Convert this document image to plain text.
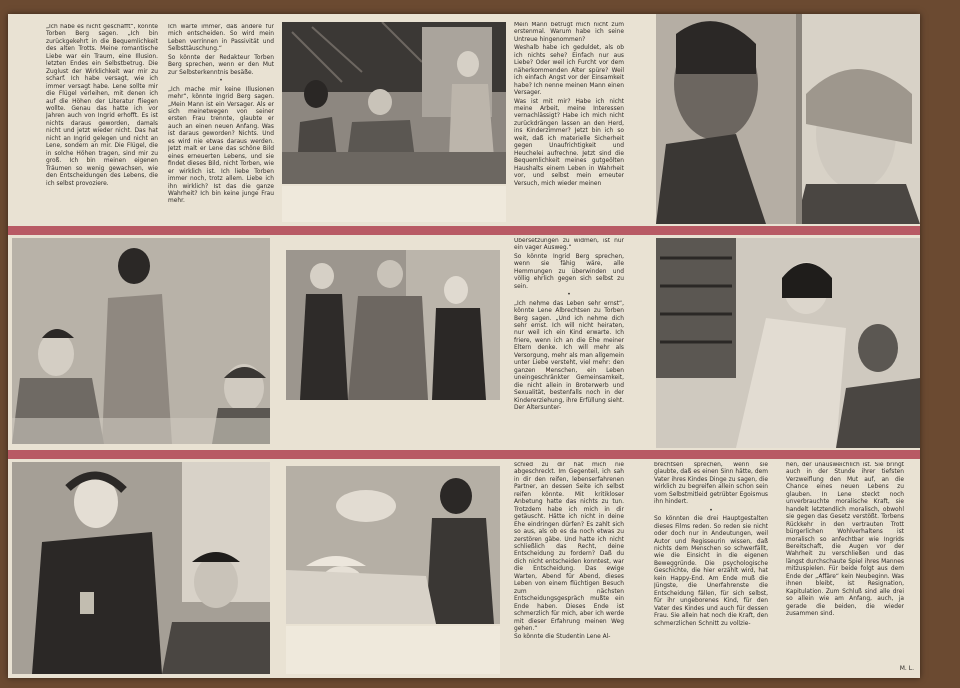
„Ich habe es nicht geschafft“, könnte Torben Berg sagen. „Ich bin zurückgekehrt in die Bequemlichkeit des alten Trotts. Meine romantische Liebe war ein Traum, eine Illusion. letzten Endes ein Selbstbetrug. Die Zuglust der Wirklichkeit war mir zu scharf. Ich habe versagt, wie ich immer versagt habe. Lene sollte mir die Flügel verleihen, mit denen ich auf die Höhen der Literatur fliegen wollte. Genau das hatte ich vor Jahren auch von Ingrid erhofft. Es ist nichts daraus geworden, damals nicht und jetzt wieder nicht. Das hat nicht an Ingrid gelegen und nicht an Lene, sondern an mir. Die Flügel, die in solche Höhen tragen, sind mir zu groß. Ich bin meinen eigenen Träumen so wenig gewachsen, wie den Entscheidungen des Lebens, die ich selbst provoziere.

Ich warte immer, daß andere für mich entscheiden. So wird mein Leben verrinnen in Passivität und Selbsttäuschung.“

So könnte der Redakteur Torben Berg sprechen, wenn er den Mut zur Selbsterkenntnis besäße.

•

„Ich mache mir keine Illusionen mehr“, könnte Ingrid Berg sagen. „Mein Mann ist ein Versager. Als er sich meinetwegen von seiner ersten Frau trennte, glaubte er auch an einen neuen Anfang. Was ist daraus geworden? Nichts. Und es wird nie etwas daraus werden. Jetzt malt er Lene das schöne Bild eines erneuerten Lebens, und sie findet dieses Bild, nicht Torben, wie er wirklich ist. Ich liebe Torben immer noch, trotz allem. Liebe ich ihn wirklich? Ist das die ganze Wahrheit? Ich bin keine junge Frau mehr.

Mein Mann betrügt mich nicht zum erstenmal. Warum habe ich seine Untreue hingenommen?

Weshalb habe ich geduldet, als ob ich nichts sehe? Einfach nur aus Liebe? Oder weil ich Furcht vor dem näherkommenden Alter spüre? Weil ich einfach Angst vor der Einsamkeit habe? Ich nenne meinen Mann einen Versager.

Was ist mit mir? Habe ich nicht meine Arbeit, meine Interessen vernachlässigt? Habe ich mich nicht zurückdrängen lassen an den Herd, ins Kinderzimmer? Jetzt bin ich so weit, daß ich materielle Sicherheit gegen Unaufrichtigkeit und Heuchelei aufrechne. Jetzt sind die Bequemlichkeit meines gutgeölten Haushalts einem Leben in Wahrheit vor, und selbst mein erneuter Versuch, mich wieder meinen

Übersetzungen zu widmen, ist nur ein vager Ausweg.“

So könnte Ingrid Berg sprechen, wenn sie fähig wäre, alle Hemmungen zu überwinden und völlig ehrlich gegen sich selbst zu sein.

•

„Ich nehme das Leben sehr ernst“, könnte Lene Albrechtsen zu Torben Berg sagen. „Und ich nehme dich sehr ernst. Ich will nicht heiraten, nur weil ich ein Kind erwarte. Ich friere, wenn ich an die Ehe meiner Eltern denke. Ich will mehr als Versorgung, mehr als man allgemein unter Liebe versteht, viel mehr: den ganzen Menschen, ein Leben uneingeschränkter Gemeinsamkeit, die nicht allein in Broterwerb und Sexualität, bestenfalls noch in der Kindererziehung, ihre Erfüllung sieht. Der Altersunter-

schied zu dir hat mich nie abgeschreckt. Im Gegenteil, ich sah in dir den reifen, lebenserfahrenen Partner, an dessen Seite ich selbst reifen könnte. Mit kritikloser Anbetung hatte das nichts zu tun. Trotzdem habe ich mich in dir getäuscht. Hätte ich nicht in deine Ehe eindringen dürfen? Es zahlt sich so aus, als ob es da noch etwas zu zerstören gäbe. Und hatte ich nicht schließlich das Recht, deine Entscheidung zu fordern? Daß du dich nicht entscheiden konntest, war die Entscheidung. Das ewige Warten, Abend für Abend, dieses Leben von einem flüchtigen Besuch zum nächsten Entscheidungsgespräch mußte ein Ende haben. Dieses Ende ist schmerzlich für mich, aber ich werde mit dieser Erfahrung meinen Weg gehen.“

So könnte die Studentin Lene Al-

brechtsen sprechen, wenn sie glaubte, daß es einen Sinn hätte, dem Vater ihres Kindes Dinge zu sagen, die wirklich zu begreifen allein schon sein vom Selbstmitleid getrübter Egoismus ihn hindert.

•

So könnten die drei Hauptgestalten dieses Films reden. So reden sie nicht oder doch nur in Andeutungen, weil Autor und Regisseurin wissen, daß nichts dem Menschen so schwerfällt, wie die Einsicht in die eigenen Beweggründe. Die psychologische Geschichte, die hier erzählt wird, hat kein Happy-End. Am Ende muß die Jüngste, die Unerfahrenste die Entscheidung fällen, für sich selbst, für ihr ungeborenes Kind, für den Vater des Kindes und auch für dessen Frau. Sie allein hat noch die Kraft, den schmerzlichen Schnitt zu vollzie-

hen, der unausweichlich ist. Sie bringt auch in der Stunde ihrer tiefsten Verzweiflung den Mut auf, an die Chance eines neuen Lebens zu glauben. In Lene steckt noch unverbrauchte moralische Kraft, sie handelt letztendlich moralisch, obwohl sie gegen das Gesetz verstößt. Torbens Rückkehr in den vertrauten Trott bürgerlichen Wohlverhaltens ist moralisch so anfechtbar wie Ingrids Bereitschaft, die Augen vor der Wahrheit zu verschließen und das längst durchschaute Spiel ihres Mannes mitzuspielen. Für beide folgt aus dem Ende der „Affäre“ kein Neubeginn. Was ihnen bleibt, ist Resignation, Kapitulation. Zum Schluß sind alle drei so allein wie am Anfang, auch, ja gerade die beiden, die wieder zusammen sind.

M. L.
